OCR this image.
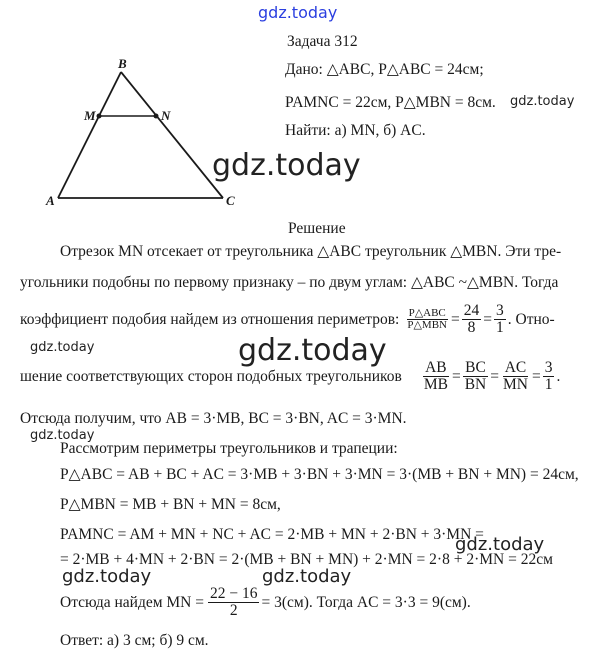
gdz.today
B
M	N
A	C
Задача 312
Дано: △ABC, P△ABC = 24см;
PAMNC = 22см, P△MBN = 8см. gdz.today
Найти: а) MN, б) AC.
gdz.today
Решение
Отрезок MN отсекает от треугольника △ABC треугольник △MBN. Эти тре-
угольники подобны по первому признаку – по двум углам: △ABC ~△MBN. Тогда
коэффициент подобия найдем из отношения периметров: $\frac{\text{P△ABC}}{\text{P△MBN}} = \frac{24}{8} = \frac{3}{1}$ . Отно-
gdz.today	gdz.today
шение соответствующих сторон подобных треугольников $\frac{AB}{MB} = \frac{BC}{BN} = \frac{AC}{MN} = \frac{3}{1}$ .
Отсюда получим, что AB = 3·MB, BC = 3·BN, AC = 3·MN.
gdz.today
Рассмотрим периметры треугольников и трапеции:
P△ABC = AB + BC + AC = 3·MB + 3·BN + 3·MN = 3·(MB + BN + MN) = 24см,
P△MBN = MB + BN + MN = 8см,
PAMNC = AM + MN + NC + AC = 2·MB + MN + 2·BN + 3·MN =
gdz.today
= 2·MB + 4·MN + 2·BN = 2·(MB + BN + MN) + 2·MN = 2·8 + 2·MN = 22см
gdz.today	gdz.today
Отсюда найдем MN = $\frac{22 - 16}{2} = 3(см)$. Тогда AC = 3·3 = 9(см).
Ответ: а) 3 см; б) 9 см.
